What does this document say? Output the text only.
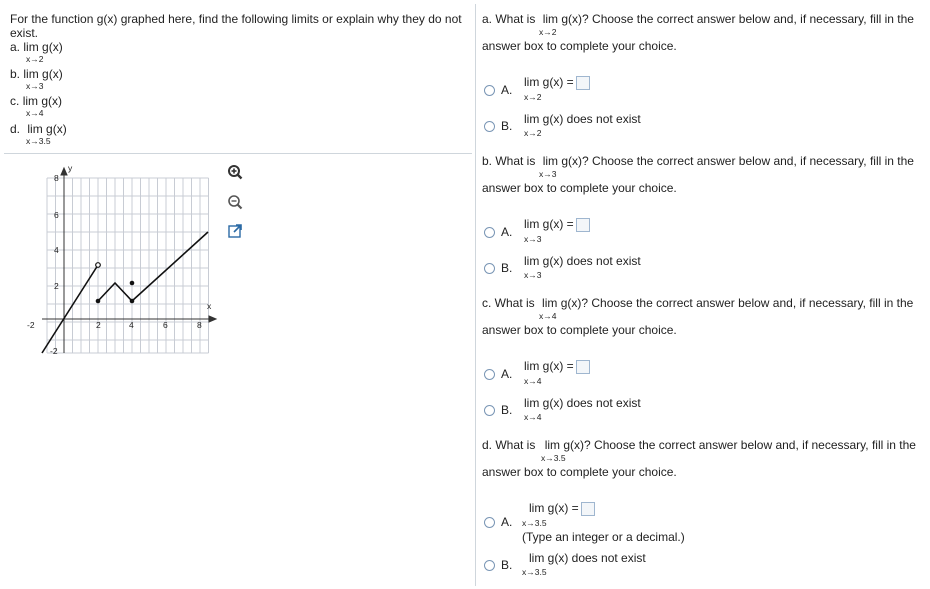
For the function g(x) graphed here, find the following limits or explain why they do not
exist.
a. lim g(x)
x→2
b. lim g(x)
x→3
c. lim g(x)
x→4
d. lim g(x)
x→3.5
-2	2	4	6	8
x
y
8
6
4
2
-2
a. What is lim g(x)? Choose the correct answer below and, if necessary, fill in the
x→2
answer box to complete your choice.
A.
lim g(x) =
x→2
B. lim g(x) does not exist
x→2
b. What is lim g(x)? Choose the correct answer below and, if necessary, fill in the
x→3
answer box to complete your choice.
A.
lim g(x) =
x→3
B. lim g(x) does not exist
x→3
c. What is lim g(x)? Choose the correct answer below and, if necessary, fill in the
x→4
answer box to complete your choice.
A.
lim g(x) =
x→4
B. lim g(x) does not exist
x→4
d. What is lim g(x)? Choose the correct answer below and, if necessary, fill in the
x→3.5
answer box to complete your choice.
A.
lim g(x) =
x→3.5
(Type an integer or a decimal.)
B. lim g(x) does not exist
x→3.5
